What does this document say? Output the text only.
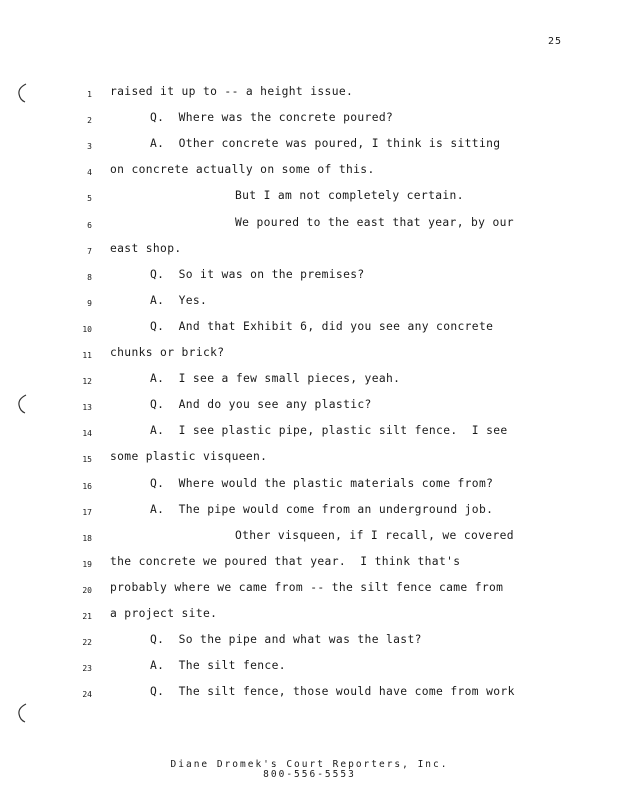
25
1 raised it up to -- a height issue.
2	Q.  Where was the concrete poured?
3	A.  Other concrete was poured, I think is sitting
4 on concrete actually on some of this.
5	But I am not completely certain.
6	We poured to the east that year, by our
7 east shop.
8	Q.  So it was on the premises?
9	A.  Yes.
10	Q.  And that Exhibit 6, did you see any concrete
11 chunks or brick?
12	A.  I see a few small pieces, yeah.
13	Q.  And do you see any plastic?
14	A.  I see plastic pipe, plastic silt fence.  I see
15 some plastic visqueen.
16	Q.  Where would the plastic materials come from?
17	A.  The pipe would come from an underground job.
18	Other visqueen, if I recall, we covered
19 the concrete we poured that year.  I think that's
20 probably where we came from -- the silt fence came from
21 a project site.
22	Q.  So the pipe and what was the last?
23	A.  The silt fence.
24	Q.  The silt fence, those would have come from work
Diane Dromek's Court Reporters, Inc.
800-556-5553
